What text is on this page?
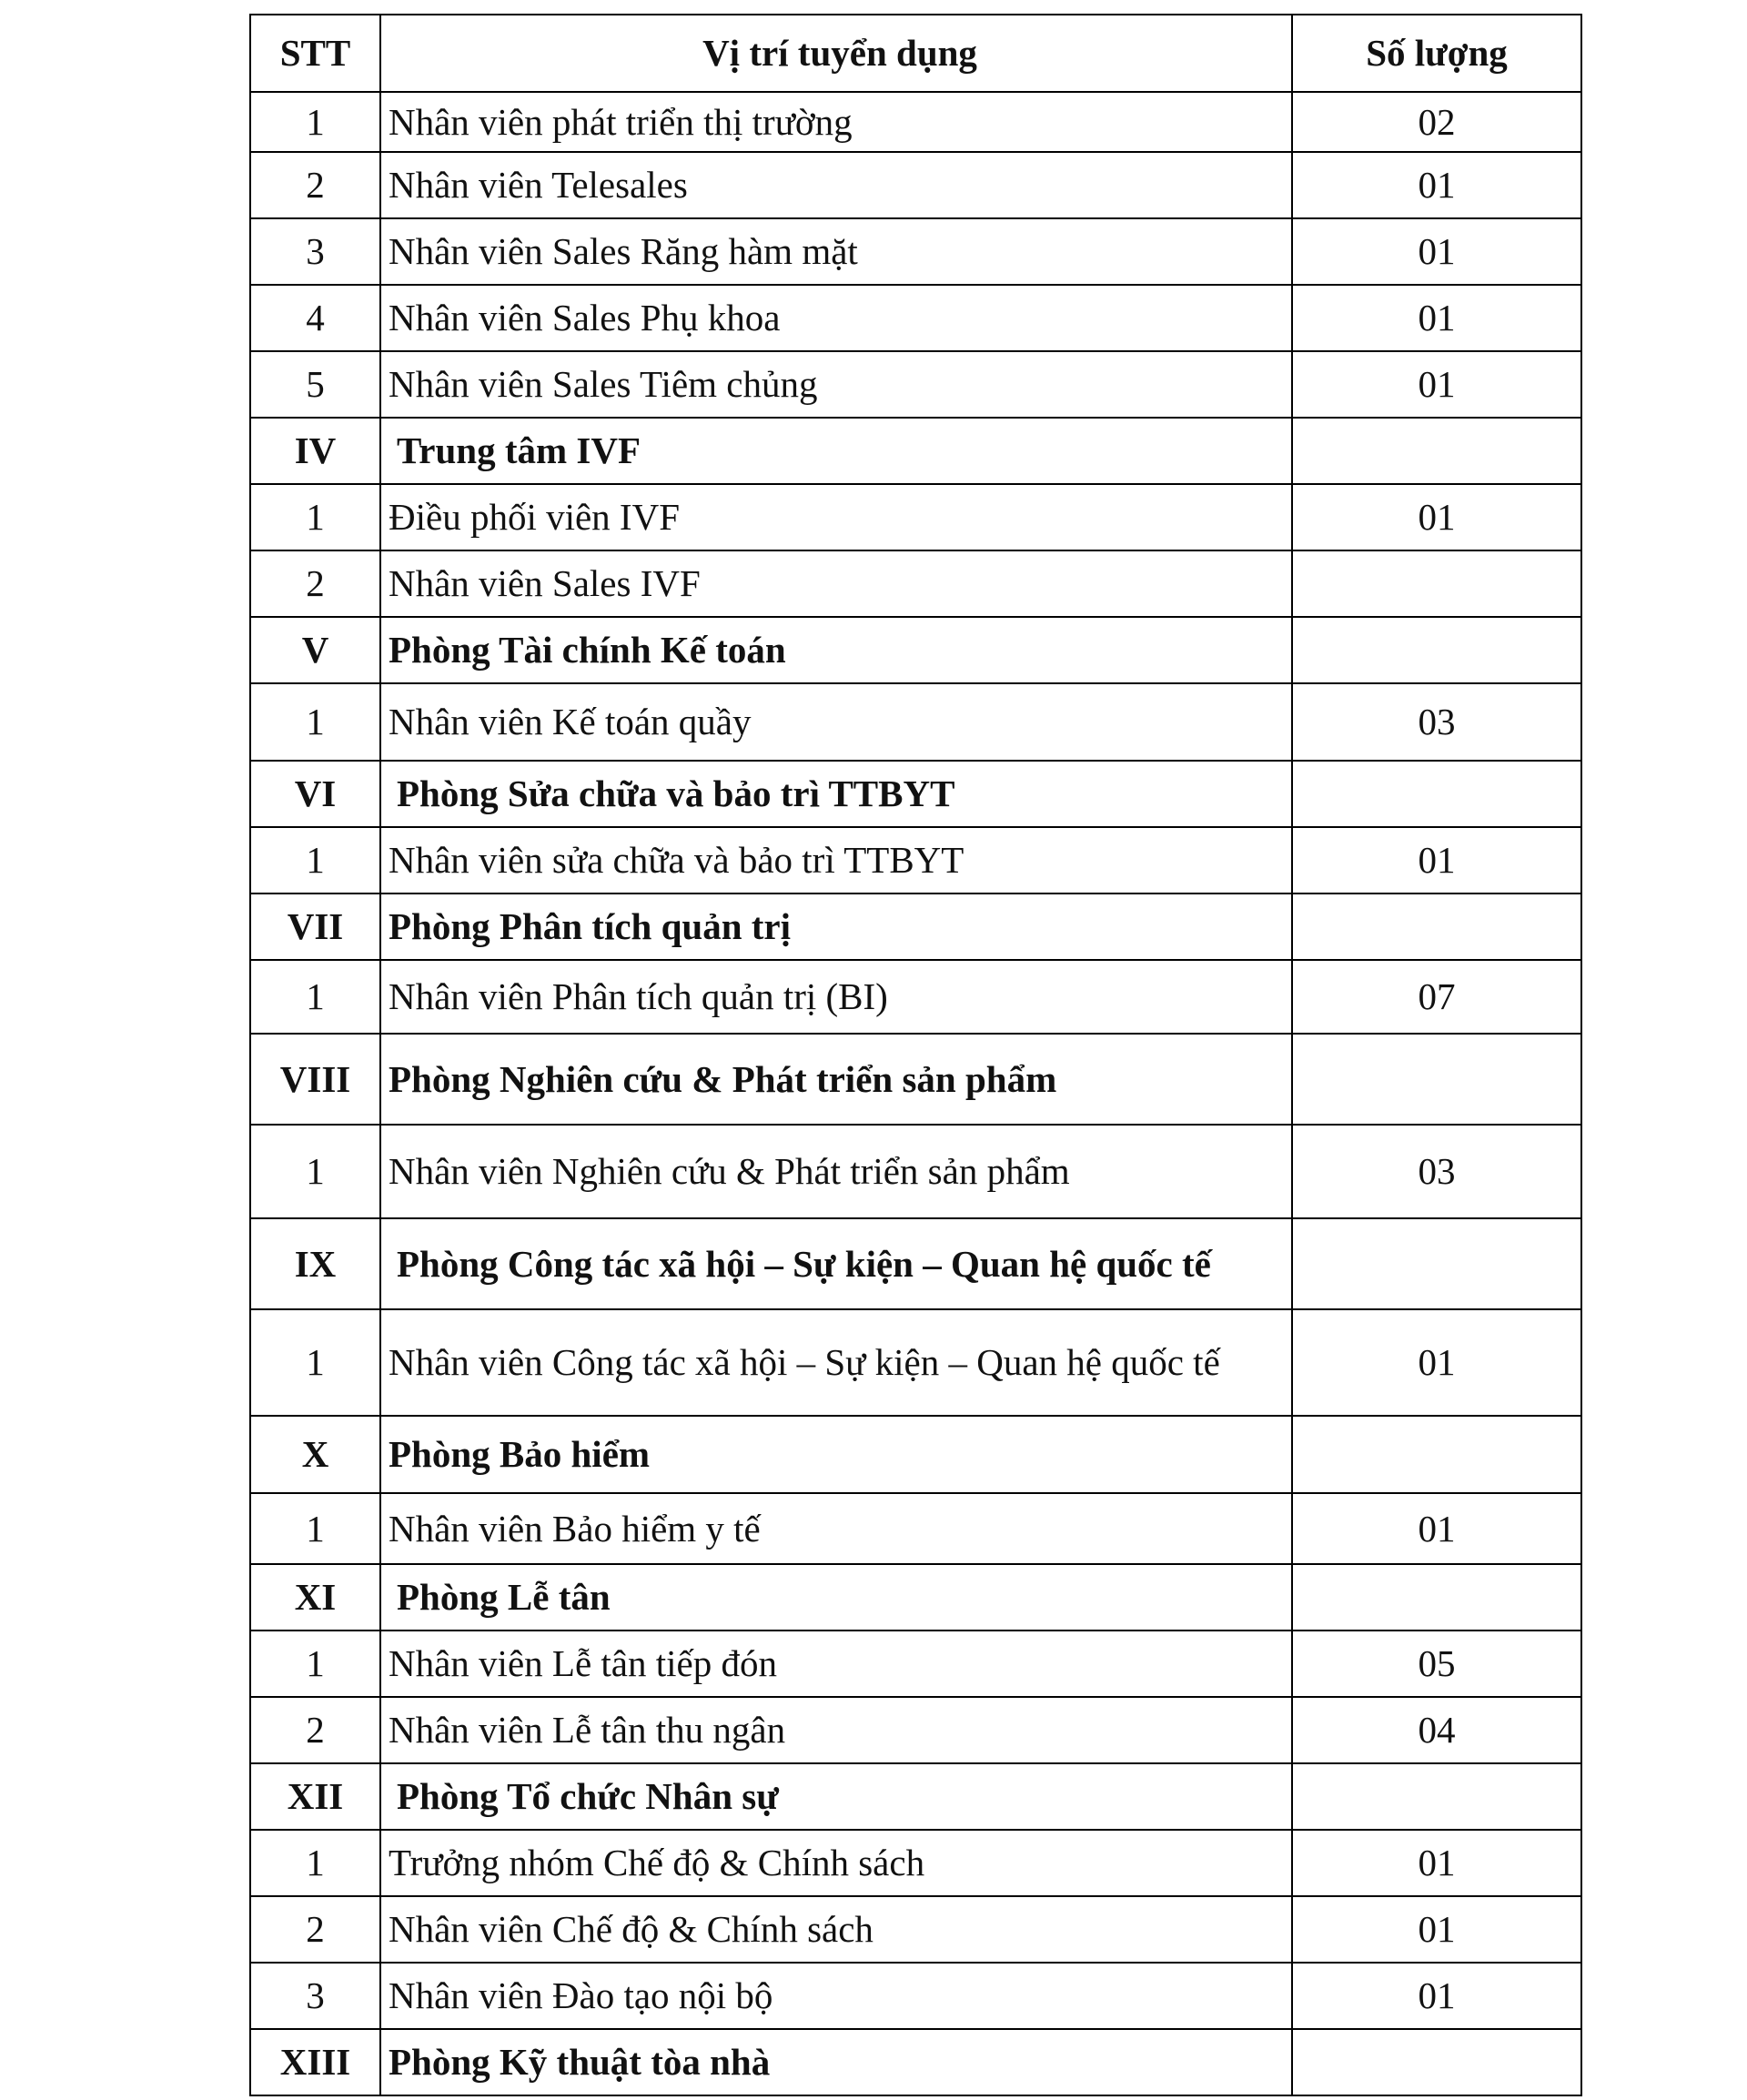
STT	Vị trí tuyển dụng	Số lượng
1	Nhân viên phát triển thị trường	02
2	Nhân viên Telesales	01
3	Nhân viên Sales Răng hàm mặt	01
4	Nhân viên Sales Phụ khoa	01
5	Nhân viên Sales Tiêm chủng	01
IV	Trung tâm IVF	
1	Điều phối viên IVF	01
2	Nhân viên Sales IVF	
V	Phòng Tài chính Kế toán	
1	Nhân viên Kế toán quầy	03
VI	Phòng Sửa chữa và bảo trì TTBYT	
1	Nhân viên sửa chữa và bảo trì TTBYT	01
VII	Phòng Phân tích quản trị	
1	Nhân viên Phân tích quản trị (BI)	07
VIII	Phòng Nghiên cứu & Phát triển sản phẩm	
1	Nhân viên Nghiên cứu & Phát triển sản phẩm	03
IX	Phòng Công tác xã hội – Sự kiện – Quan hệ quốc tế	
1	Nhân viên Công tác xã hội – Sự kiện – Quan hệ quốc tế	01
X	Phòng Bảo hiểm	
1	Nhân viên Bảo hiểm y tế	01
XI	Phòng Lễ tân	
1	Nhân viên Lễ tân tiếp đón	05
2	Nhân viên Lễ tân thu ngân	04
XII	Phòng Tổ chức Nhân sự	
1	Trưởng nhóm Chế độ & Chính sách	01
2	Nhân viên Chế độ & Chính sách	01
3	Nhân viên Đào tạo nội bộ	01
XIII	Phòng Kỹ thuật tòa nhà	
